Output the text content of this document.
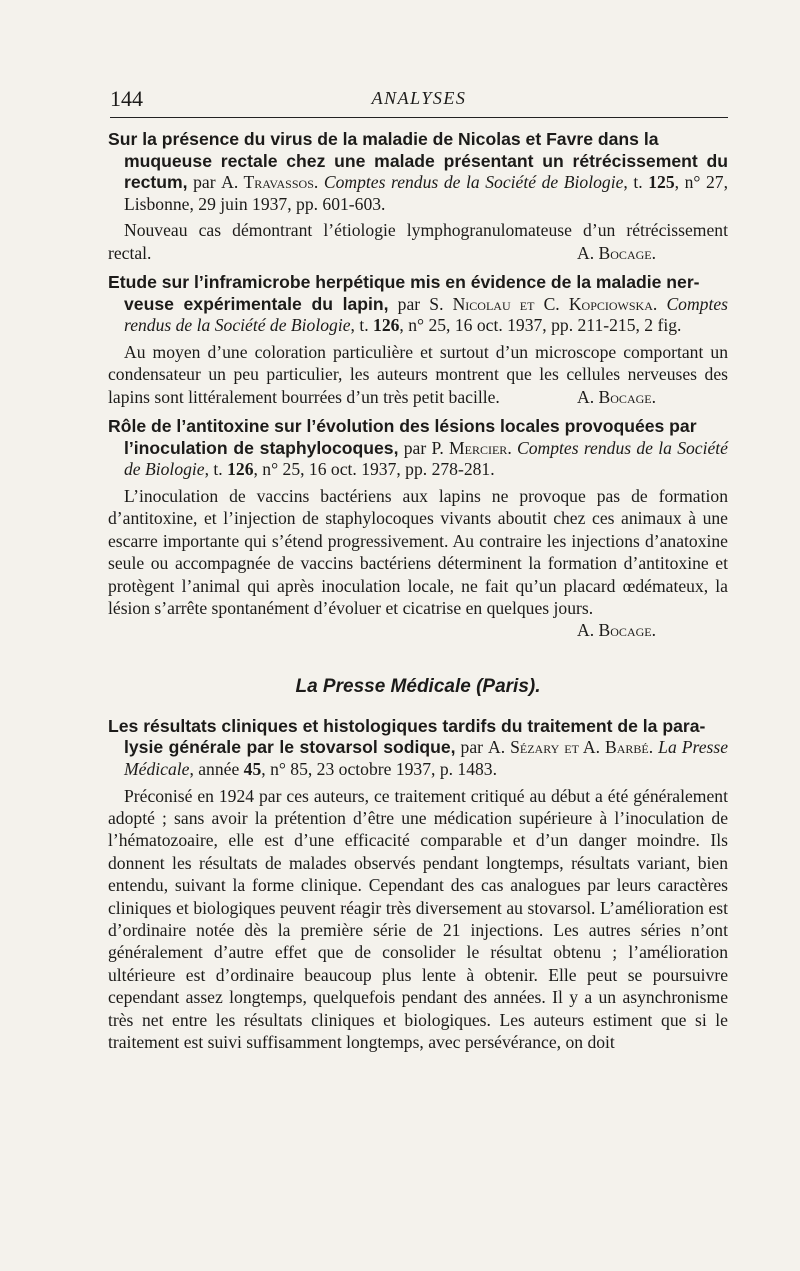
144	ANALYSES
Sur la présence du virus de la maladie de Nicolas et Favre dans la
muqueuse rectale chez une malade présentant un rétrécissement du rectum, par A. Travassos. Comptes rendus de la Société de Biologie, t. 125, n° 27, Lisbonne, 29 juin 1937, pp. 601-603.

Nouveau cas démontrant l’étiologie lymphogranulomateuse d’un rétrécissement rectal.	A. Bocage.

Etude sur l’inframicrobe herpétique mis en évidence de la maladie ner-
veuse expérimentale du lapin, par S. Nicolau et C. Kopciowska. Comptes rendus de la Société de Biologie, t. 126, n° 25, 16 oct. 1937, pp. 211-215, 2 fig.

Au moyen d’une coloration particulière et surtout d’un microscope comportant un condensateur un peu particulier, les auteurs montrent que les cellules nerveuses des lapins sont littéralement bourrées d’un très petit bacille.	A. Bocage.

Rôle de l’antitoxine sur l’évolution des lésions locales provoquées par
l’inoculation de staphylocoques, par P. Mercier. Comptes rendus de la Société de Biologie, t. 126, n° 25, 16 oct. 1937, pp. 278-281.

L’inoculation de vaccins bactériens aux lapins ne provoque pas de formation d’antitoxine, et l’injection de staphylocoques vivants aboutit chez ces animaux à une escarre importante qui s’étend progressivement. Au contraire les injections d’anatoxine seule ou accompagnée de vaccins bactériens déterminent la formation d’antitoxine et protègent l’animal qui après inoculation locale, ne fait qu’un placard œdémateux, la lésion s’arrête spontanément d’évoluer et cicatrise en quelques jours.

A. Bocage.
La Presse Médicale (Paris).
Les résultats cliniques et histologiques tardifs du traitement de la para-
lysie générale par le stovarsol sodique, par A. Sézary et A. Barbé. La Presse Médicale, année 45, n° 85, 23 octobre 1937, p. 1483.

Préconisé en 1924 par ces auteurs, ce traitement critiqué au début a été généralement adopté ; sans avoir la prétention d’être une médication supérieure à l’inoculation de l’hématozoaire, elle est d’une efficacité comparable et d’un danger moindre. Ils donnent les résultats de malades observés pendant longtemps, résultats variant, bien entendu, suivant la forme clinique. Cependant des cas analogues par leurs caractères cliniques et biologiques peuvent réagir très diversement au stovarsol. L’amélioration est d’ordinaire notée dès la première série de 21 injections. Les autres séries n’ont généralement d’autre effet que de consolider le résultat obtenu ; l’amélioration ultérieure est d’ordinaire beaucoup plus lente à obtenir. Elle peut se poursuivre cependant assez longtemps, quelquefois pendant des années. Il y a un asynchronisme très net entre les résultats cliniques et biologiques. Les auteurs estiment que si le traitement est suivi suffisamment longtemps, avec persévérance, on doit
